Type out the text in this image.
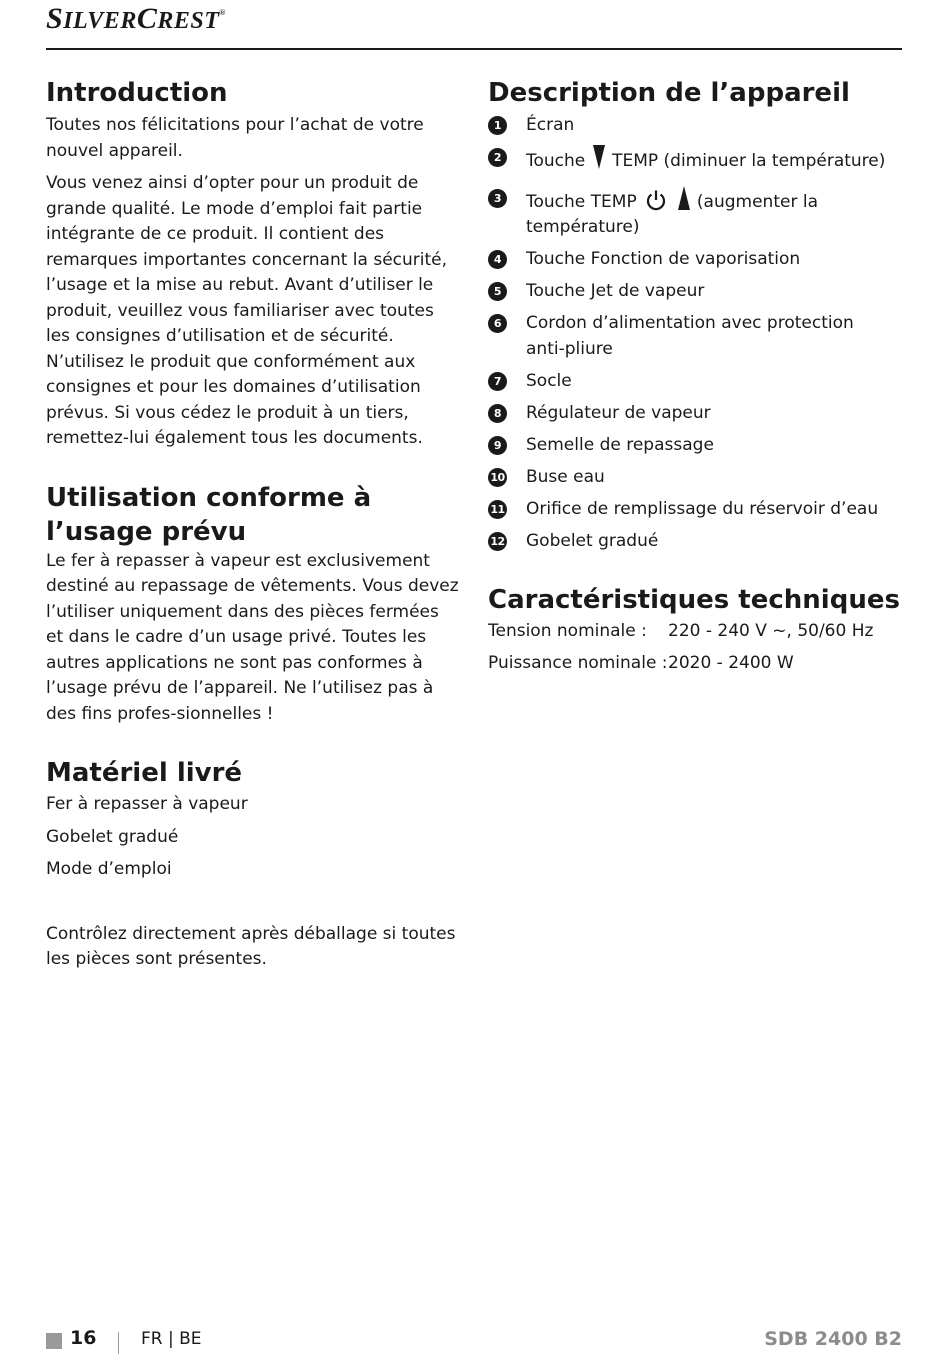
SILVERCREST®
Introduction

Toutes nos félicitations pour l’achat de votre nouvel appareil.

Vous venez ainsi d’opter pour un produit de grande qualité. Le mode d’emploi fait partie intégrante de ce produit. Il contient des remarques importantes concernant la sécurité, l’usage et la mise au rebut. Avant d’utiliser le produit, veuillez vous familiariser avec toutes les consignes d’utilisation et de sécurité. N’utilisez le produit que conformément aux consignes et pour les domaines d’utilisation prévus. Si vous cédez le produit à un tiers, remettez-lui également tous les documents.

Utilisation conforme à l’usage prévu

Le fer à repasser à vapeur est exclusivement destiné au repassage de vêtements. Vous devez l’utiliser uniquement dans des pièces fermées et dans le cadre d’un usage privé. Toutes les autres applications ne sont pas conformes à l’usage prévu de l’appareil. Ne l’utilisez pas à des fins profes-sionnelles !

Matériel livré

Fer à repasser à vapeur

Gobelet gradué

Mode d’emploi

Contrôlez directement après déballage si toutes les pièces sont présentes.

Description de l’appareil
1	Écran
2	Touche TEMP (diminuer la température)
3	Touche TEMP	(augmenter la température)
4	Touche Fonction de vaporisation
5	Touche Jet de vapeur
6	Cordon d’alimentation avec protection anti-pliure
7	Socle
8	Régulateur de vapeur
9	Semelle de repassage
10 Buse eau
11 Orifice de remplissage du réservoir d’eau
12 Gobelet gradué
Caractéristiques techniques
Tension nominale :	220 - 240 V ~, 50/60 Hz
Puissance nominale : 2020 - 2400 W
16	FR | BE	SDB 2400 B2
